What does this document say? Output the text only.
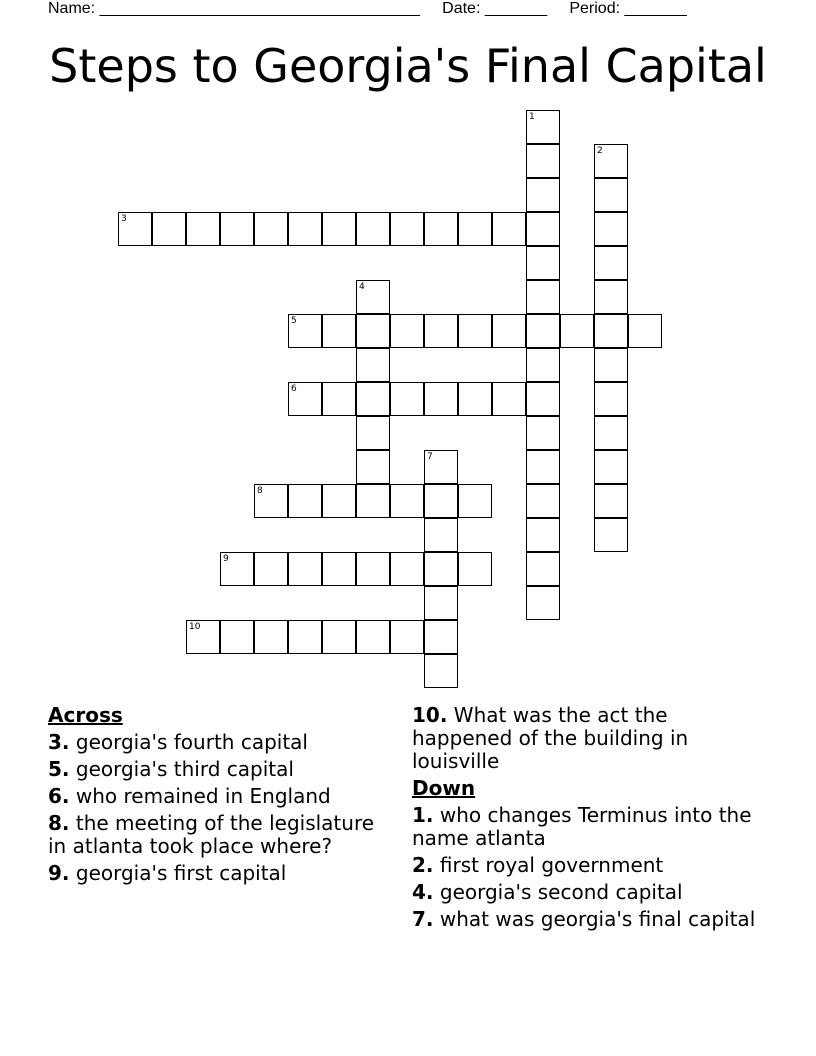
Name: ____________________________________     Date: _______     Period: _______
Steps to Georgia's Final Capital
1
2
3
4
5
6
7
8
9
10
Across
3. georgia's fourth capital
5. georgia's third capital
6. who remained in England
8. the meeting of the legislature in atlanta took place where?
9. georgia's first capital
10. What was the act the happened of the building in louisville
Down
1. who changes Terminus into the name atlanta
2. first royal government
4. georgia's second capital
7. what was georgia's final capital
